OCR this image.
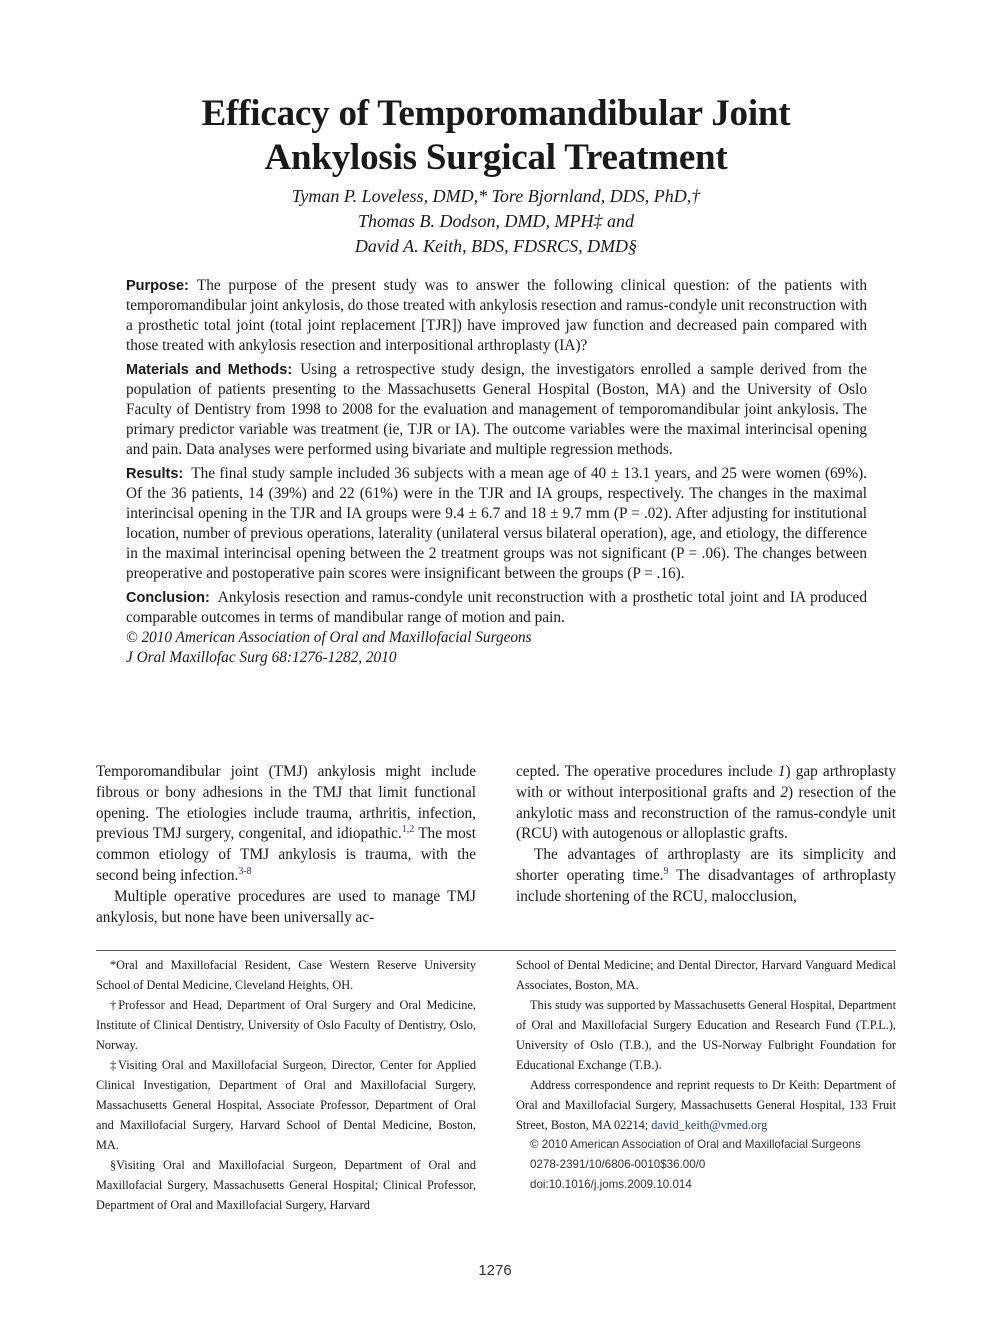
Efficacy of Temporomandibular Joint
Ankylosis Surgical Treatment
Tyman P. Loveless, DMD,* Tore Bjornland, DDS, PhD,†
Thomas B. Dodson, DMD, MPH‡ and
David A. Keith, BDS, FDSRCS, DMD§

Purpose: The purpose of the present study was to answer the following clinical question: of the patients with temporomandibular joint ankylosis, do those treated with ankylosis resection and ramus-condyle unit reconstruction with a prosthetic total joint (total joint replacement [TJR]) have improved jaw function and decreased pain compared with those treated with ankylosis resection and interpositional arthroplasty (IA)?

Materials and Methods: Using a retrospective study design, the investigators enrolled a sample derived from the population of patients presenting to the Massachusetts General Hospital (Boston, MA) and the University of Oslo Faculty of Dentistry from 1998 to 2008 for the evaluation and management of temporomandibular joint ankylosis. The primary predictor variable was treatment (ie, TJR or IA). The outcome variables were the maximal interincisal opening and pain. Data analyses were performed using bivariate and multiple regression methods.

Results: The final study sample included 36 subjects with a mean age of 40 ± 13.1 years, and 25 were women (69%). Of the 36 patients, 14 (39%) and 22 (61%) were in the TJR and IA groups, respectively. The changes in the maximal interincisal opening in the TJR and IA groups were 9.4 ± 6.7 and 18 ± 9.7 mm (P = .02). After adjusting for institutional location, number of previous operations, laterality (unilateral versus bilateral operation), age, and etiology, the difference in the maximal interincisal opening between the 2 treatment groups was not significant (P = .06). The changes between preoperative and postoperative pain scores were insignificant between the groups (P = .16).

Conclusion: Ankylosis resection and ramus-condyle unit reconstruction with a prosthetic total joint and IA produced comparable outcomes in terms of mandibular range of motion and pain.

© 2010 American Association of Oral and Maxillofacial Surgeons

J Oral Maxillofac Surg 68:1276-1282, 2010

Temporomandibular joint (TMJ) ankylosis might include fibrous or bony adhesions in the TMJ that limit functional opening. The etiologies include trauma, arthritis, infection, previous TMJ surgery, congenital, and idiopathic.$^{1,2}$ The most common etiology of TMJ ankylosis is trauma, with the second being infection.$^{3-8}$

Multiple operative procedures are used to manage TMJ ankylosis, but none have been universally ac-

cepted. The operative procedures include 1) gap arthroplasty with or without interpositional grafts and 2) resection of the ankylotic mass and reconstruction of the ramus-condyle unit (RCU) with autogenous or alloplastic grafts.

The advantages of arthroplasty are its simplicity and shorter operating time.$^9$ The disadvantages of arthroplasty include shortening of the RCU, malocclusion,

*Oral and Maxillofacial Resident, Case Western Reserve University School of Dental Medicine, Cleveland Heights, OH.

†Professor and Head, Department of Oral Surgery and Oral Medicine, Institute of Clinical Dentistry, University of Oslo Faculty of Dentistry, Oslo, Norway.

‡Visiting Oral and Maxillofacial Surgeon, Director, Center for Applied Clinical Investigation, Department of Oral and Maxillofacial Surgery, Massachusetts General Hospital, Associate Professor, Department of Oral and Maxillofacial Surgery, Harvard School of Dental Medicine, Boston, MA.

§Visiting Oral and Maxillofacial Surgeon, Department of Oral and Maxillofacial Surgery, Massachusetts General Hospital; Clinical Professor, Department of Oral and Maxillofacial Surgery, Harvard

School of Dental Medicine; and Dental Director, Harvard Vanguard Medical Associates, Boston, MA.

This study was supported by Massachusetts General Hospital, Department of Oral and Maxillofacial Surgery Education and Research Fund (T.P.L.), University of Oslo (T.B.), and the US-Norway Fulbright Foundation for Educational Exchange (T.B.).

Address correspondence and reprint requests to Dr Keith: Department of Oral and Maxillofacial Surgery, Massachusetts General Hospital, 133 Fruit Street, Boston, MA 02214; david_keith@vmed.org

© 2010 American Association of Oral and Maxillofacial Surgeons

0278-2391/10/6806-0010$36.00/0

doi:10.1016/j.joms.2009.10.014

1276
